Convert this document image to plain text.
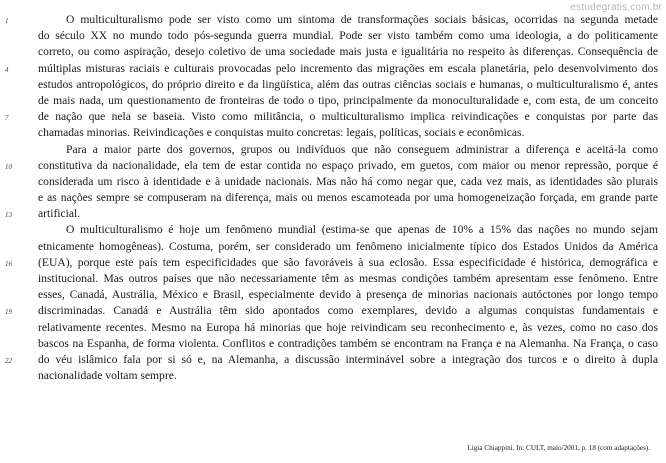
estudegratis.com.br
1	O multiculturalismo pode ser visto como um sintoma de transformações sociais básicas, ocorridas na segunda metade
do século XX no mundo todo pós-segunda guerra mundial. Pode ser visto também como uma ideologia, a do politicamente
correto, ou como aspiração, desejo coletivo de uma sociedade mais justa e igualitária no respeito às diferenças. Consequência de
4	múltiplas misturas raciais e culturais provocadas pelo incremento das migrações em escala planetária, pelo desenvolvimento dos
estudos antropológicos, do próprio direito e da lingüística, além das outras ciências sociais e humanas, o multiculturalismo é, antes
de mais nada, um questionamento de fronteiras de todo o tipo, principalmente da monoculturalidade e, com esta, de um conceito
7	de nação que nela se baseia. Visto como militância, o multiculturalismo implica reivindicações e conquistas por parte das
chamadas minorias. Reivindicações e conquistas muito concretas: legais, políticas, sociais e econômicas.
Para a maior parte dos governos, grupos ou indivíduos que não conseguem administrar a diferença e aceitá-la como
10	constitutiva da nacionalidade, ela tem de estar contida no espaço privado, em guetos, com maior ou menor repressão, porque é
considerada um risco à identidade e à unidade nacionais. Mas não há como negar que, cada vez mais, as identidades são plurais
e as nações sempre se compuseram na diferença, mais ou menos escamoteada por uma homogeneização forçada, em grande parte
13	artificial.
O multiculturalismo é hoje um fenômeno mundial (estima-se que apenas de 10% a 15% das nações no mundo sejam
etnicamente homogêneas). Costuma, porém, ser considerado um fenômeno inicialmente típico dos Estados Unidos da América
16	(EUA), porque este país tem especificidades que são favoráveis à sua eclosão. Essa especificidade é histórica, demográfica e
institucional. Mas outros países que não necessariamente têm as mesmas condições também apresentam esse fenômeno. Entre
esses, Canadá, Austrália, México e Brasil, especialmente devido à presença de minorias nacionais autóctones por longo tempo
19	discriminadas. Canadá e Austrália têm sido apontados como exemplares, devido a algumas conquistas fundamentais e
relativamente recentes. Mesmo na Europa há minorias que hoje reivindicam seu reconhecimento e, às vezes, como no caso dos
bascos na Espanha, de forma violenta. Conflitos e contradições também se encontram na França e na Alemanha. Na França, o caso
22	do véu islâmico fala por si só e, na Alemanha, a discussão interminável sobre a integração dos turcos e o direito à dupla
nacionalidade voltam sempre.
Ligia Chiappini. In: CULT, maio/2001, p. 18 (com adaptações).
